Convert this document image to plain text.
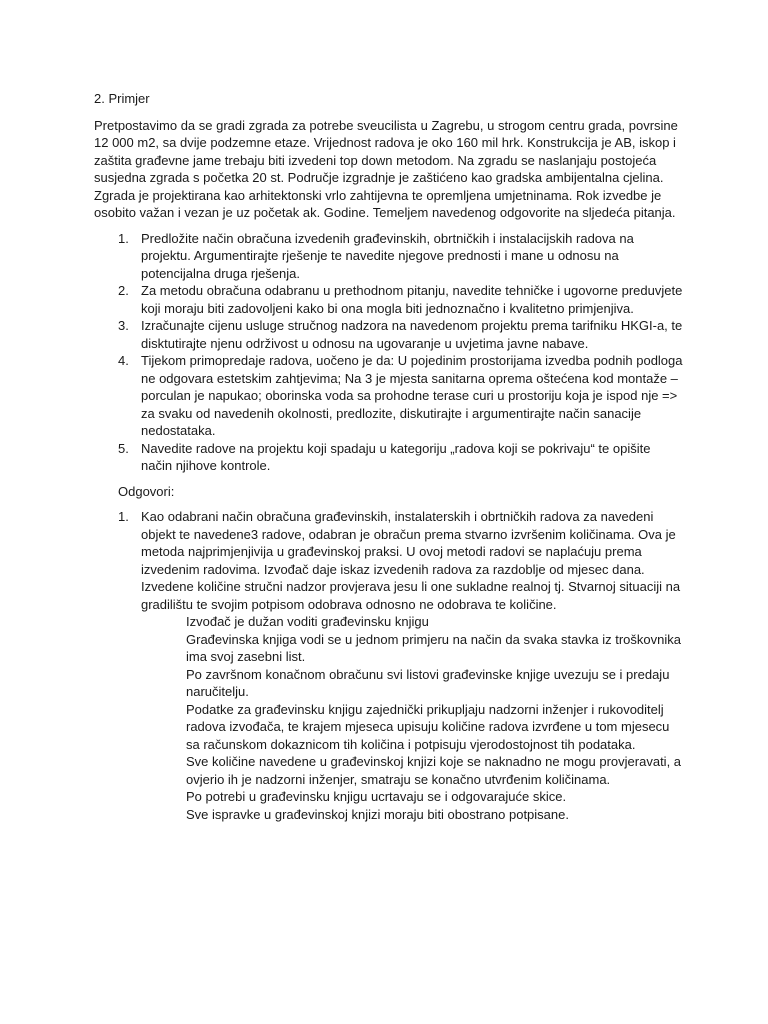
2. Primjer
Pretpostavimo da se gradi zgrada za potrebe sveucilista u Zagrebu, u strogom centru grada, povrsine 12 000 m2, sa dvije podzemne etaze. Vrijednost radova je oko 160 mil hrk. Konstrukcija je AB, iskop i zaštita građevne jame trebaju biti izvedeni top down metodom. Na zgradu se naslanjaju postojeća susjedna zgrada s početka 20 st. Područje izgradnje je zaštićeno kao gradska ambijentalna cjelina. Zgrada je projektirana kao arhitektonski vrlo zahtijevna te opremljena umjetninama. Rok izvedbe je osobito važan i vezan je uz početak ak. Godine. Temeljem navedenog odgovorite na sljedeća pitanja.
1. Predložite način obračuna izvedenih građevinskih, obrtničkih i instalacijskih radova na projektu. Argumentirajte rješenje te navedite njegove prednosti i mane u odnosu na potencijalna druga rješenja.
2. Za metodu obračuna odabranu u prethodnom pitanju, navedite tehničke i ugovorne preduvjete koji moraju biti zadovoljeni kako bi ona mogla biti jednoznačno i kvalitetno primjenjiva.
3. Izračunajte cijenu usluge stručnog nadzora na navedenom projektu prema tarifniku HKGI-a, te disktutirajte njenu održivost u odnosu na ugovaranje u uvjetima javne nabave.
4. Tijekom primopredaje radova, uočeno je da: U pojedinim prostorijama izvedba podnih podloga ne odgovara estetskim zahtjevima; Na 3 je mjesta sanitarna oprema oštećena kod montaže – porculan je napukao; oborinska voda sa prohodne terase curi u prostoriju koja je ispod nje => za svaku od navedenih okolnosti, predlozite, diskutirajte i argumentirajte način sanacije nedostataka.
5. Navedite radove na projektu koji spadaju u kategoriju „radova koji se pokrivaju“ te opišite način njihove kontrole.
Odgovori:
1. Kao odabrani način obračuna građevinskih, instalaterskih i obrtničkih radova za navedeni objekt te navedene3 radove, odabran je obračun prema stvarno izvršenim količinama. Ova je metoda najprimjenjivija u građevinskoj praksi. U ovoj metodi radovi se naplaćuju prema izvedenim radovima. Izvođač daje iskaz izvedenih radova za razdoblje od mjesec dana. Izvedene količine stručni nadzor provjerava jesu li one sukladne realnoj tj. Stvarnoj situaciji na gradilištu te svojim potpisom odobrava odnosno ne odobrava te količine.
Izvođač je dužan voditi građevinsku knjigu
Građevinska knjiga vodi se u jednom primjeru na način da svaka stavka iz troškovnika ima svoj zasebni list.
Po završnom konačnom obračunu svi listovi građevinske knjige uvezuju se i predaju naručitelju.
Podatke za građevinsku knjigu zajednički prikupljaju nadzorni inženjer i rukovoditelj radova izvođača, te krajem mjeseca upisuju količine radova izvrđene u tom mjesecu sa računskom dokaznicom tih količina i potpisuju vjerodostojnost tih podataka.
Sve količine navedene u građevinskoj knjizi koje se naknadno ne mogu provjeravati, a ovjerio ih je nadzorni inženjer, smatraju se konačno utvrđenim količinama.
Po potrebi u građevinsku knjigu ucrtavaju se i odgovarajuće skice.
Sve ispravke u građevinskoj knjizi moraju biti obostrano potpisane.
